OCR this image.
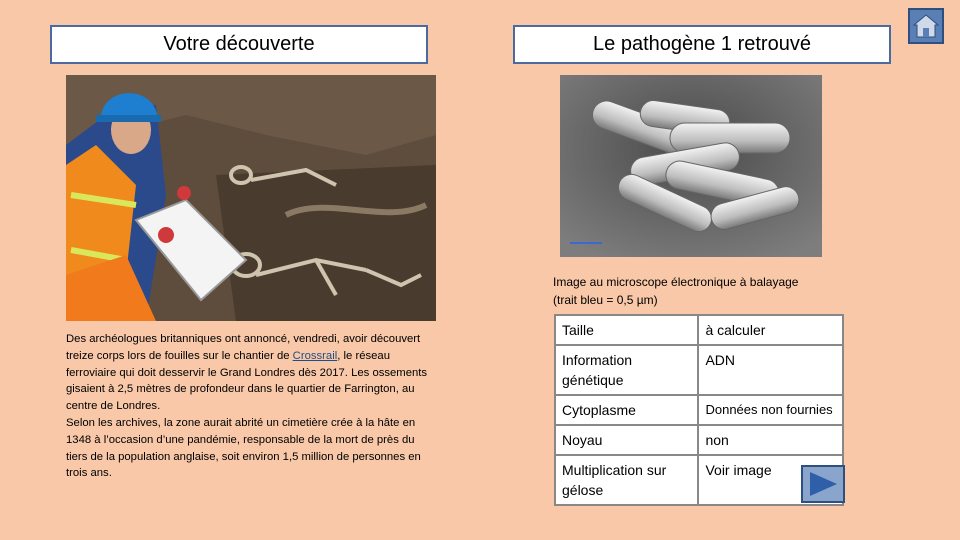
Votre découverte	Le pathogène 1 retrouvé
Image au microscope électronique à balayage
(trait bleu = 0,5 µm)
Des archéologues britanniques ont annoncé, vendredi, avoir découvert treize corps lors de fouilles sur le chantier de Crossrail, le réseau ferroviaire qui doit desservir le Grand Londres dès 2017. Les ossements gisaient à 2,5 mètres de profondeur dans le quartier de Farrington, au centre de Londres.
Selon les archives, la zone aurait abrité un cimetière crée à la hâte en 1348 à l’occasion d’une pandémie, responsable de la mort de près du tiers de la population anglaise, soit environ 1,5 million de personnes en trois ans.
Taille	à calculer
Information génétique	ADN
Cytoplasme	Données non fournies
Noyau	non
Multiplication sur gélose	Voir image
